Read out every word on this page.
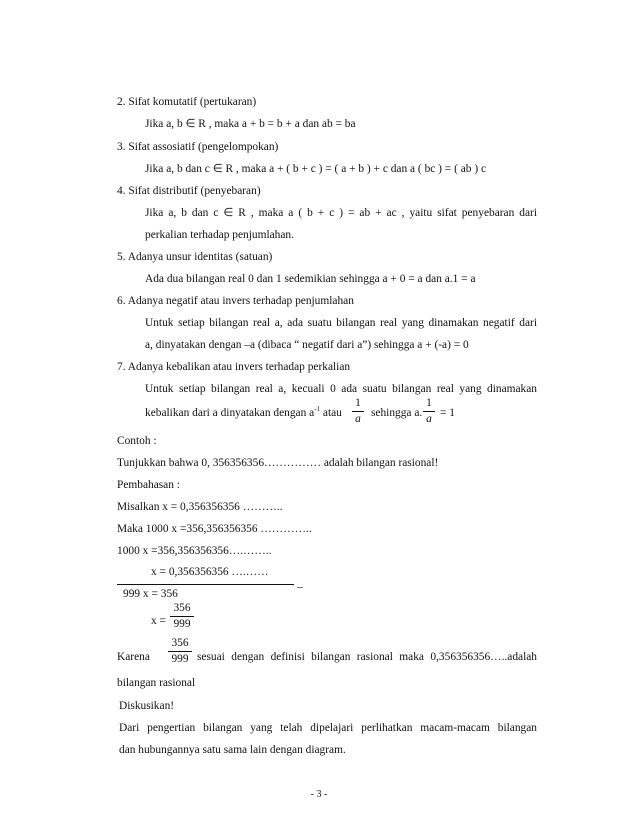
2. Sifat komutatif (pertukaran)
Jika a, b ∈ R , maka a + b = b + a dan ab = ba
3. Sifat assosiatif (pengelompokan)
Jika a, b dan c ∈ R , maka a + ( b + c ) = ( a + b ) + c dan a ( bc ) = ( ab ) c
4. Sifat distributif (penyebaran)
Jika a, b dan c ∈ R , maka a ( b + c ) = ab + ac , yaitu sifat penyebaran dari
perkalian terhadap penjumlahan.
5. Adanya unsur identitas (satuan)
Ada dua bilangan real 0 dan 1 sedemikian sehingga a + 0 = a dan a.1 = a
6. Adanya negatif atau invers terhadap penjumlahan
Untuk setiap bilangan real a, ada suatu bilangan real yang dinamakan negatif dari
a, dinyatakan dengan –a (dibaca “ negatif dari a”) sehingga a + (-a) = 0
7. Adanya kebalikan atau invers terhadap perkalian
Untuk setiap bilangan real a, kecuali 0 ada suatu bilangan real yang dinamakan
kebalikan dari a dinyatakan dengan $a^{-1}$ atau
1
a sehingga a.
1
a = 1
Contoh :
Tunjukkan bahwa 0, 356356356…………… adalah bilangan rasional!
Pembahasan :
Misalkan x = 0,356356356 ………..
Maka 1000 x =356,356356356 …………..
1000 x =356,356356356….……..
x = 0,356356356 ….……
–
999 x = 356
x =
356
999
Karena
356
999 sesuai dengan definisi bilangan rasional maka 0,356356356…..adalah
bilangan rasional
Diskusikan!
Dari pengertian bilangan yang telah dipelajari perlihatkan macam-macam bilangan
dan hubungannya satu sama lain dengan diagram.
- 3 -
